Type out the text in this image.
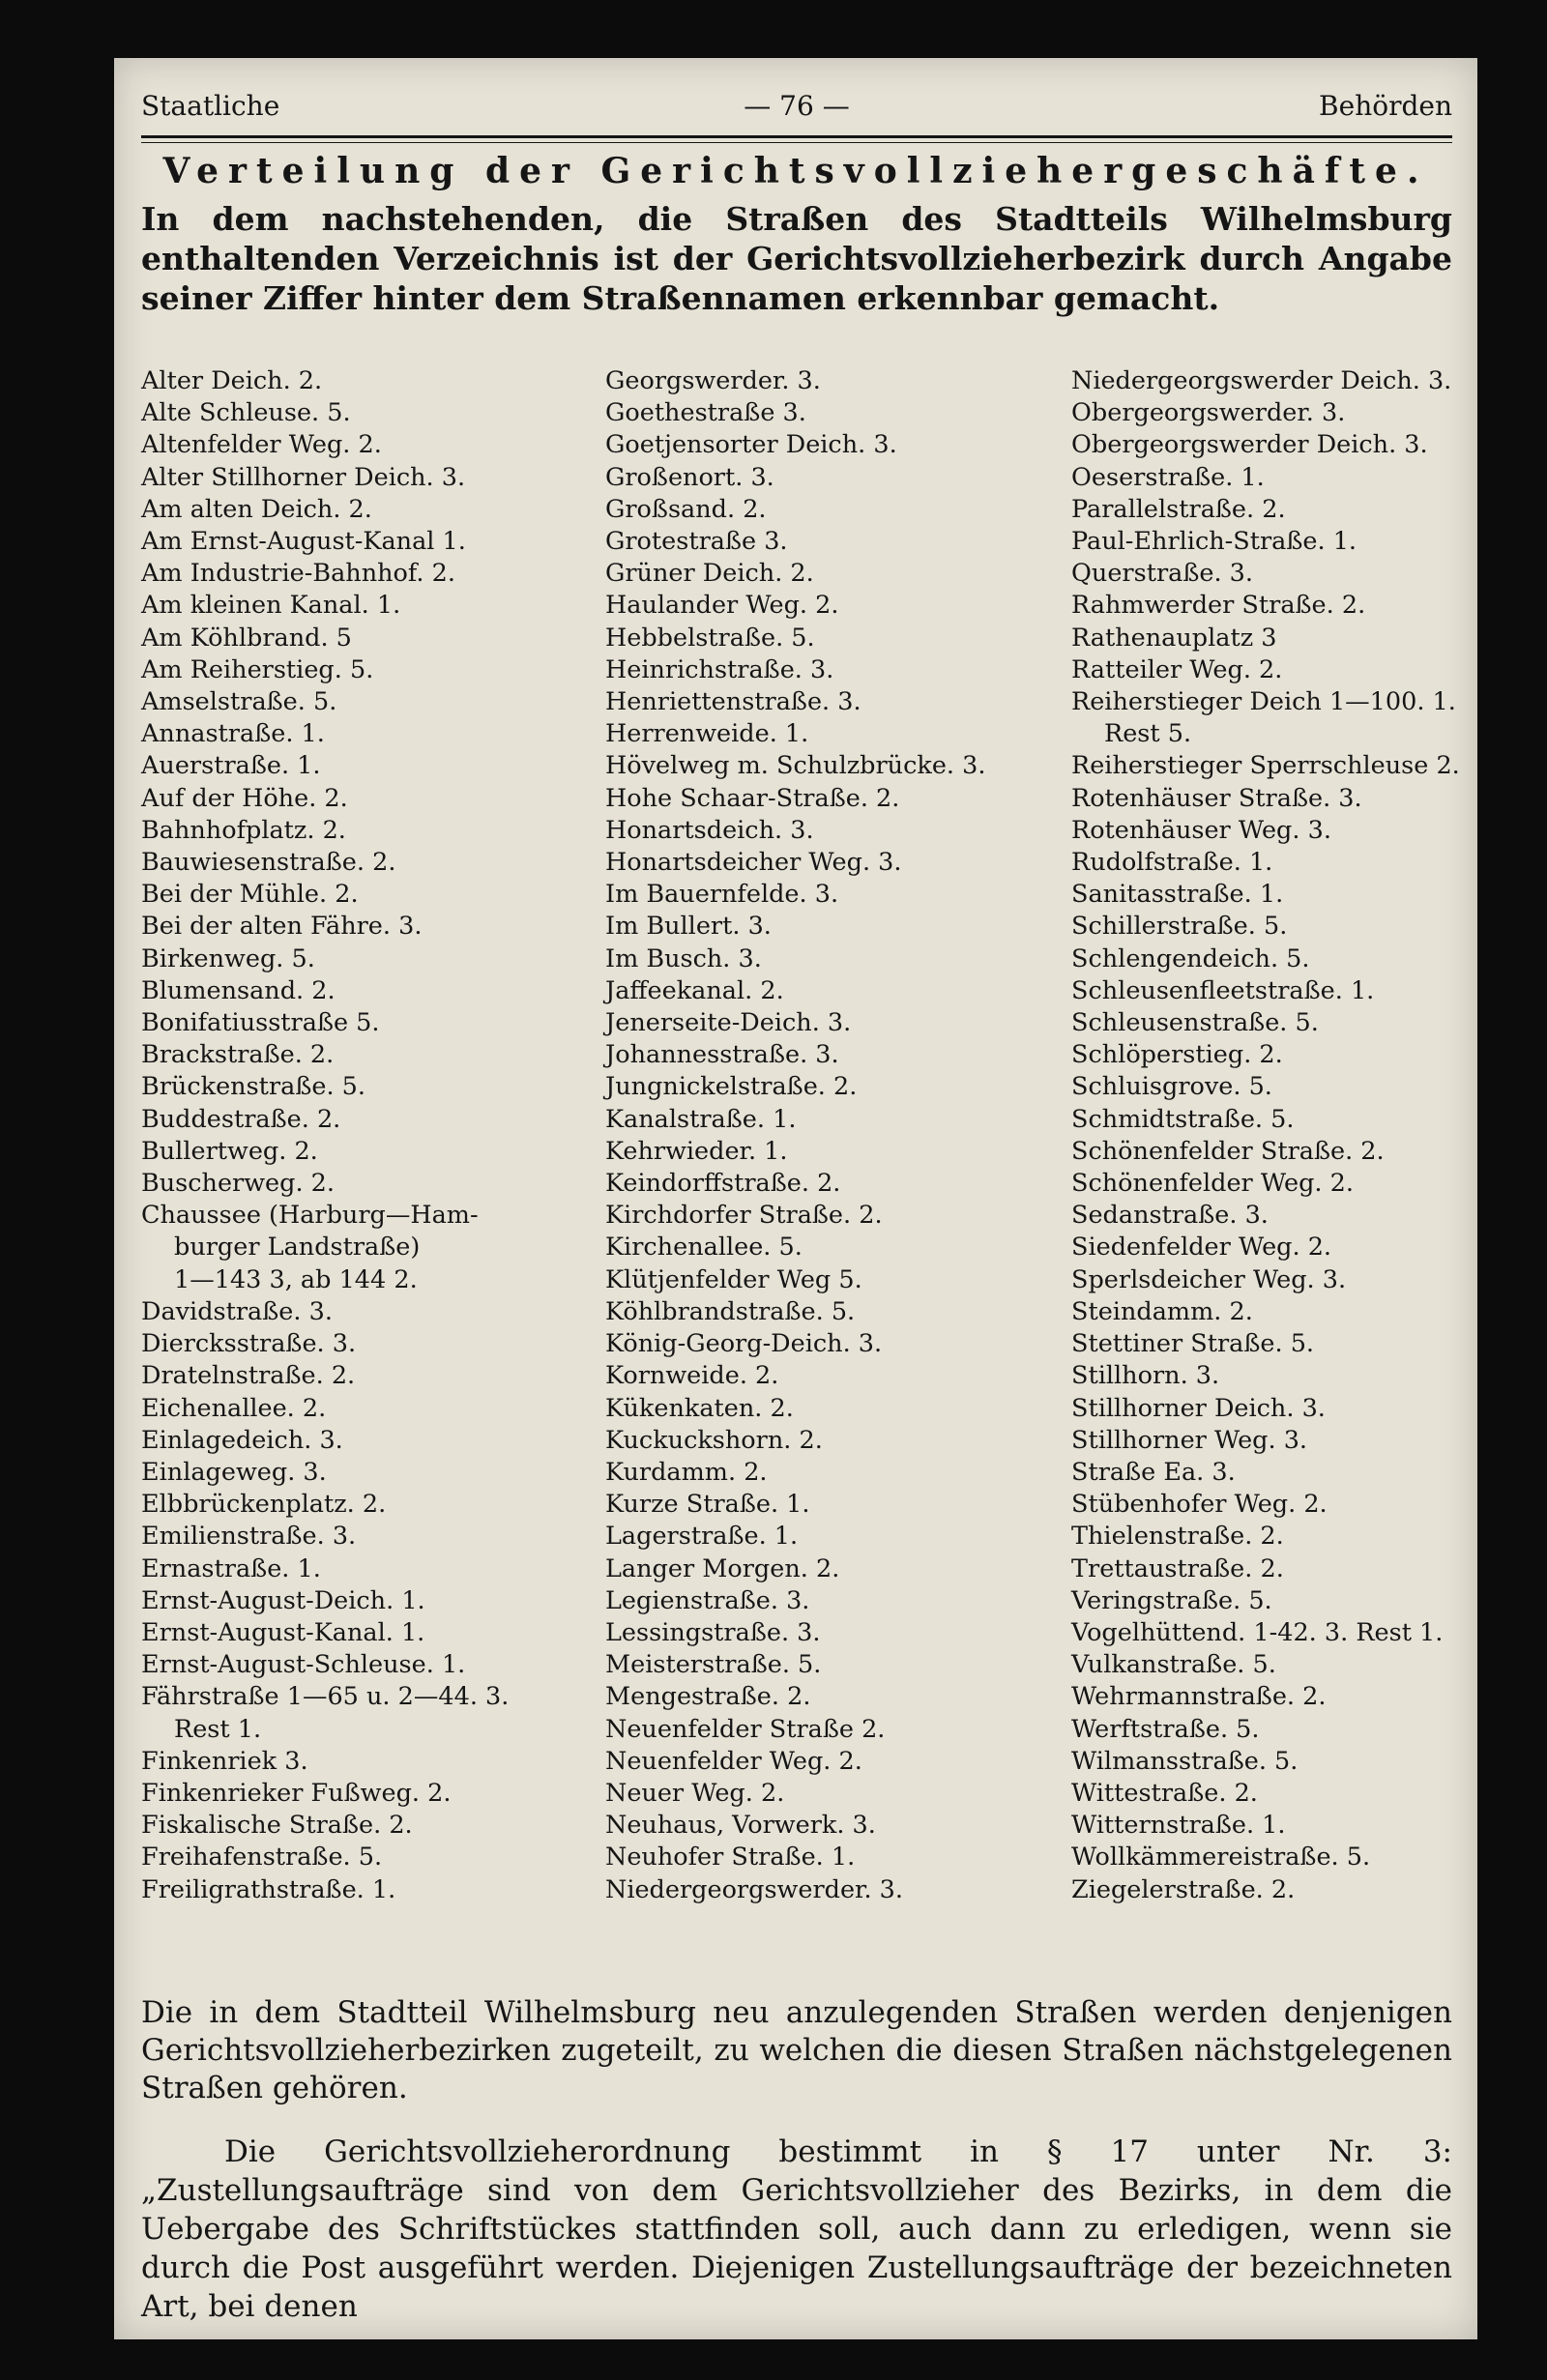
Staatliche	— 76 —	Behörden
Verteilung der Gerichtsvollziehergeschäfte.
In dem nachstehenden, die Straßen des Stadtteils Wilhelmsburg enthaltenden Verzeichnis ist der Gerichtsvollzieherbezirk durch Angabe seiner Ziffer hinter dem Straßennamen erkennbar gemacht.
Alter Deich. 2.
Alte Schleuse. 5.
Altenfelder Weg. 2.
Alter Stillhorner Deich. 3.
Am alten Deich. 2.
Am Ernst-August-Kanal 1.
Am Industrie-Bahnhof. 2.
Am kleinen Kanal. 1.
Am Köhlbrand. 5
Am Reiherstieg. 5.
Amselstraße. 5.
Annastraße. 1.
Auerstraße. 1.
Auf der Höhe. 2.
Bahnhofplatz. 2.
Bauwiesenstraße. 2.
Bei der Mühle. 2.
Bei der alten Fähre. 3.
Birkenweg. 5.
Blumensand. 2.
Bonifatiusstraße 5.
Brackstraße. 2.
Brückenstraße. 5.
Buddestraße. 2.
Bullertweg. 2.
Buscherweg. 2.
Chaussee (Harburg—Ham-
burger Landstraße)
1—143 3, ab 144 2.
Davidstraße. 3.
Diercksstraße. 3.
Dratelnstraße. 2.
Eichenallee. 2.
Einlagedeich. 3.
Einlageweg. 3.
Elbbrückenplatz. 2.
Emilienstraße. 3.
Ernastraße. 1.
Ernst-August-Deich. 1.
Ernst-August-Kanal. 1.
Ernst-August-Schleuse. 1.
Fährstraße 1—65 u. 2—44. 3.
Rest 1.
Finkenriek 3.
Finkenrieker Fußweg. 2.
Fiskalische Straße. 2.
Freihafenstraße. 5.
Freiligrathstraße. 1.
Georgswerder. 3.
Goethestraße 3.
Goetjensorter Deich. 3.
Großenort. 3.
Großsand. 2.
Grotestraße 3.
Grüner Deich. 2.
Haulander Weg. 2.
Hebbelstraße. 5.
Heinrichstraße. 3.
Henriettenstraße. 3.
Herrenweide. 1.
Hövelweg m. Schulzbrücke. 3.
Hohe Schaar-Straße. 2.
Honartsdeich. 3.
Honartsdeicher Weg. 3.
Im Bauernfelde. 3.
Im Bullert. 3.
Im Busch. 3.
Jaffeekanal. 2.
Jenerseite-Deich. 3.
Johannesstraße. 3.
Jungnickelstraße. 2.
Kanalstraße. 1.
Kehrwieder. 1.
Keindorffstraße. 2.
Kirchdorfer Straße. 2.
Kirchenallee. 5.
Klütjenfelder Weg 5.
Köhlbrandstraße. 5.
König-Georg-Deich. 3.
Kornweide. 2.
Kükenkaten. 2.
Kuckuckshorn. 2.
Kurdamm. 2.
Kurze Straße. 1.
Lagerstraße. 1.
Langer Morgen. 2.
Legienstraße. 3.
Lessingstraße. 3.
Meisterstraße. 5.
Mengestraße. 2.
Neuenfelder Straße 2.
Neuenfelder Weg. 2.
Neuer Weg. 2.
Neuhaus, Vorwerk. 3.
Neuhofer Straße. 1.
Niedergeorgswerder. 3.
Niedergeorgswerder Deich. 3.
Obergeorgswerder. 3.
Obergeorgswerder Deich. 3.
Oeserstraße. 1.
Parallelstraße. 2.
Paul-Ehrlich-Straße. 1.
Querstraße. 3.
Rahmwerder Straße. 2.
Rathenauplatz 3
Ratteiler Weg. 2.
Reiherstieger Deich 1—100. 1.
Rest 5.
Reiherstieger Sperrschleuse 2.
Rotenhäuser Straße. 3.
Rotenhäuser Weg. 3.
Rudolfstraße. 1.
Sanitasstraße. 1.
Schillerstraße. 5.
Schlengendeich. 5.
Schleusenfleetstraße. 1.
Schleusenstraße. 5.
Schlöperstieg. 2.
Schluisgrove. 5.
Schmidtstraße. 5.
Schönenfelder Straße. 2.
Schönenfelder Weg. 2.
Sedanstraße. 3.
Siedenfelder Weg. 2.
Sperlsdeicher Weg. 3.
Steindamm. 2.
Stettiner Straße. 5.
Stillhorn. 3.
Stillhorner Deich. 3.
Stillhorner Weg. 3.
Straße Ea. 3.
Stübenhofer Weg. 2.
Thielenstraße. 2.
Trettaustraße. 2.
Veringstraße. 5.
Vogelhüttend. 1-42. 3. Rest 1.
Vulkanstraße. 5.
Wehrmannstraße. 2.
Werftstraße. 5.
Wilmansstraße. 5.
Wittestraße. 2.
Witternstraße. 1.
Wollkämmereistraße. 5.
Ziegelerstraße. 2.
Die in dem Stadtteil Wilhelmsburg neu anzulegenden Straßen werden denjenigen Gerichtsvollzieherbezirken zugeteilt, zu welchen die diesen Straßen nächstgelegenen Straßen gehören.
Die Gerichtsvollzieherordnung bestimmt in § 17 unter Nr. 3: „Zustellungsaufträge sind von dem Gerichtsvollzieher des Bezirks, in dem die Uebergabe des Schriftstückes stattfinden soll, auch dann zu erledigen, wenn sie durch die Post ausgeführt werden. Diejenigen Zustellungsaufträge der bezeichneten Art, bei denen
